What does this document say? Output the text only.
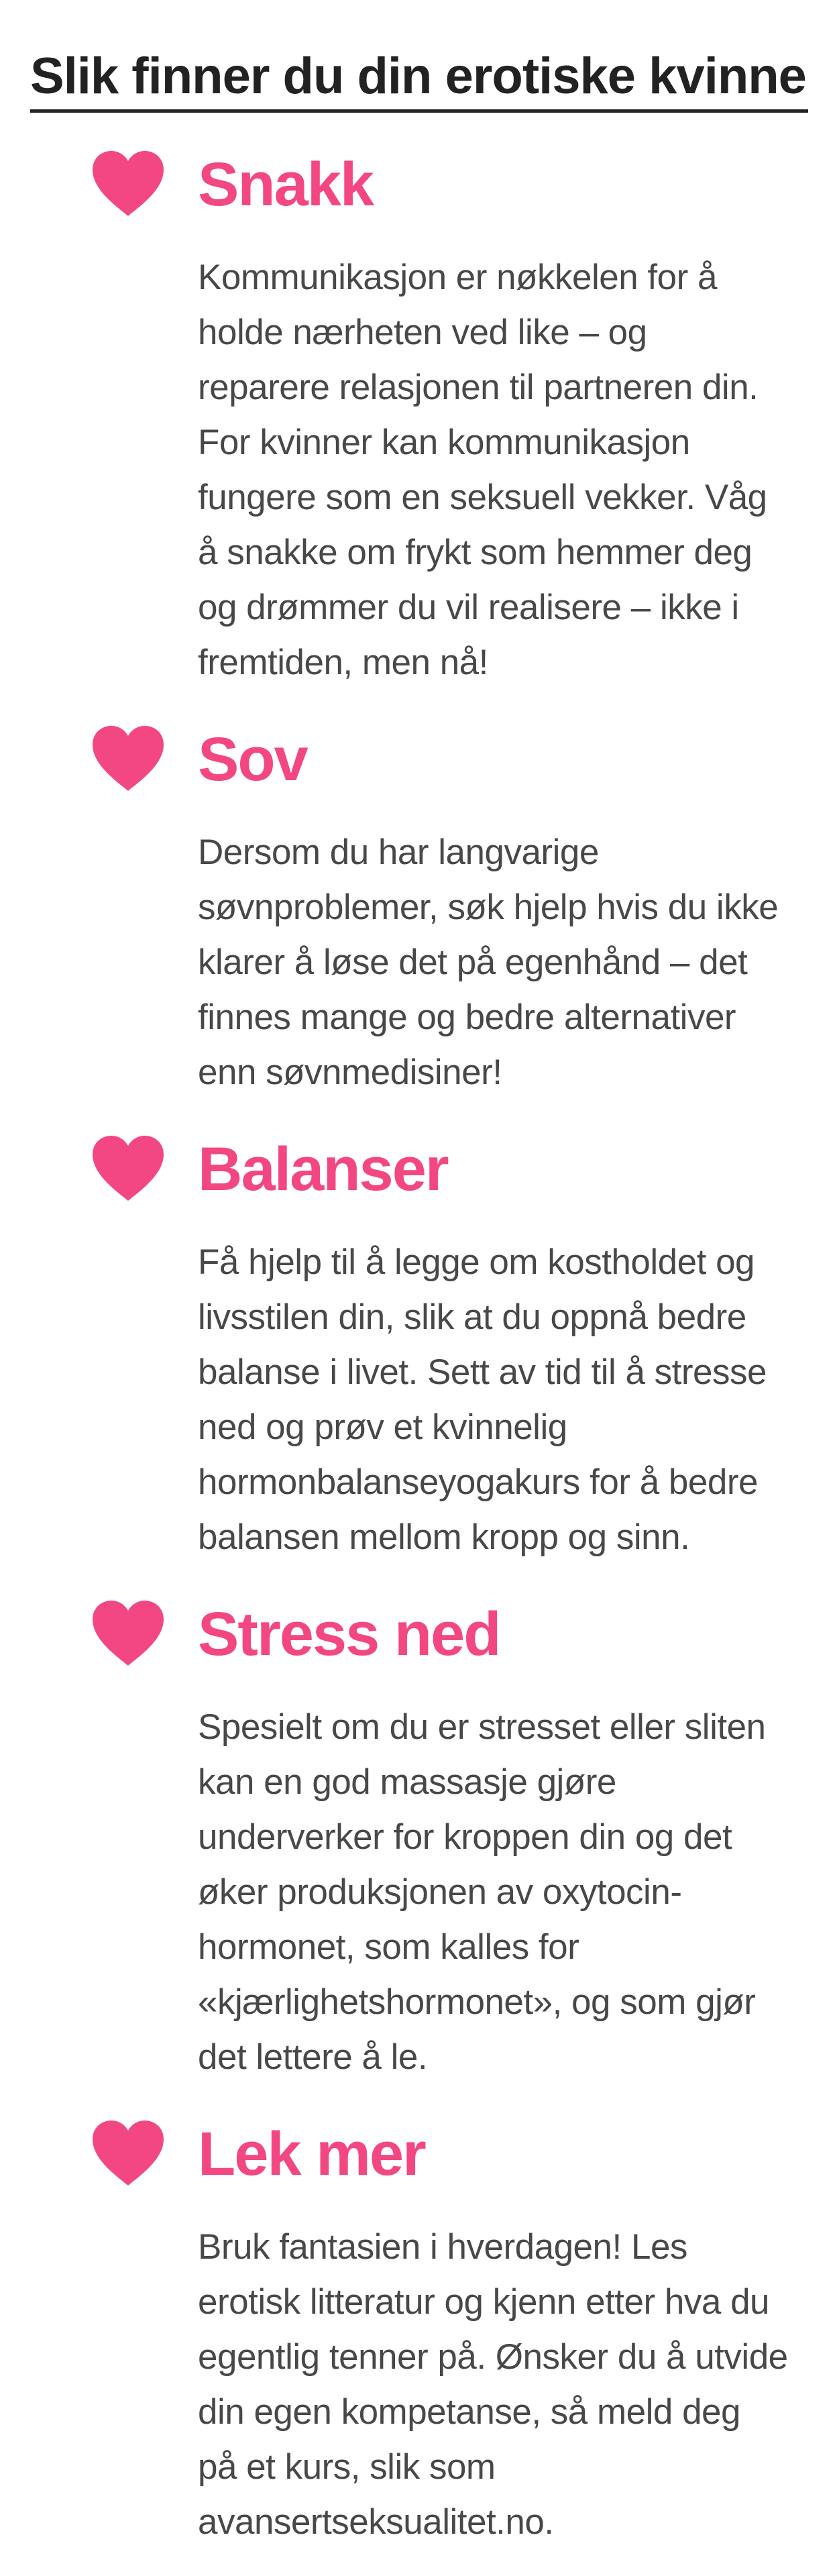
Slik finner du din erotiske kvinne
Snakk

Kommunikasjon er nøkkelen for å holde nærheten ved like – og reparere relasjonen til partneren din. For kvinner kan kommunikasjon fungere som en seksuell vekker. Våg å snakke om frykt som hemmer deg og drømmer du vil realisere – ikke i fremtiden, men nå!

Sov

Dersom du har langvarige søvnproblemer, søk hjelp hvis du ikke klarer å løse det på egenhånd – det finnes mange og bedre alternativer enn søvnmedisiner!

Balanser

Få hjelp til å legge om kostholdet og livsstilen din, slik at du oppnå bedre balanse i livet. Sett av tid til å stresse ned og prøv et kvinnelig hormonbalanseyogakurs for å bedre balansen mellom kropp og sinn.

Stress ned

Spesielt om du er stresset eller sliten kan en god massasje gjøre underverker for kroppen din og det øker produksjonen av oxytocin-hormonet, som kalles for «kjærlighetshormonet», og som gjør det lettere å le.

Lek mer

Bruk fantasien i hverdagen! Les erotisk litteratur og kjenn etter hva du egentlig tenner på. Ønsker du å utvide din egen kompetanse, så meld deg på et kurs, slik som avansertseksualitet.no.
